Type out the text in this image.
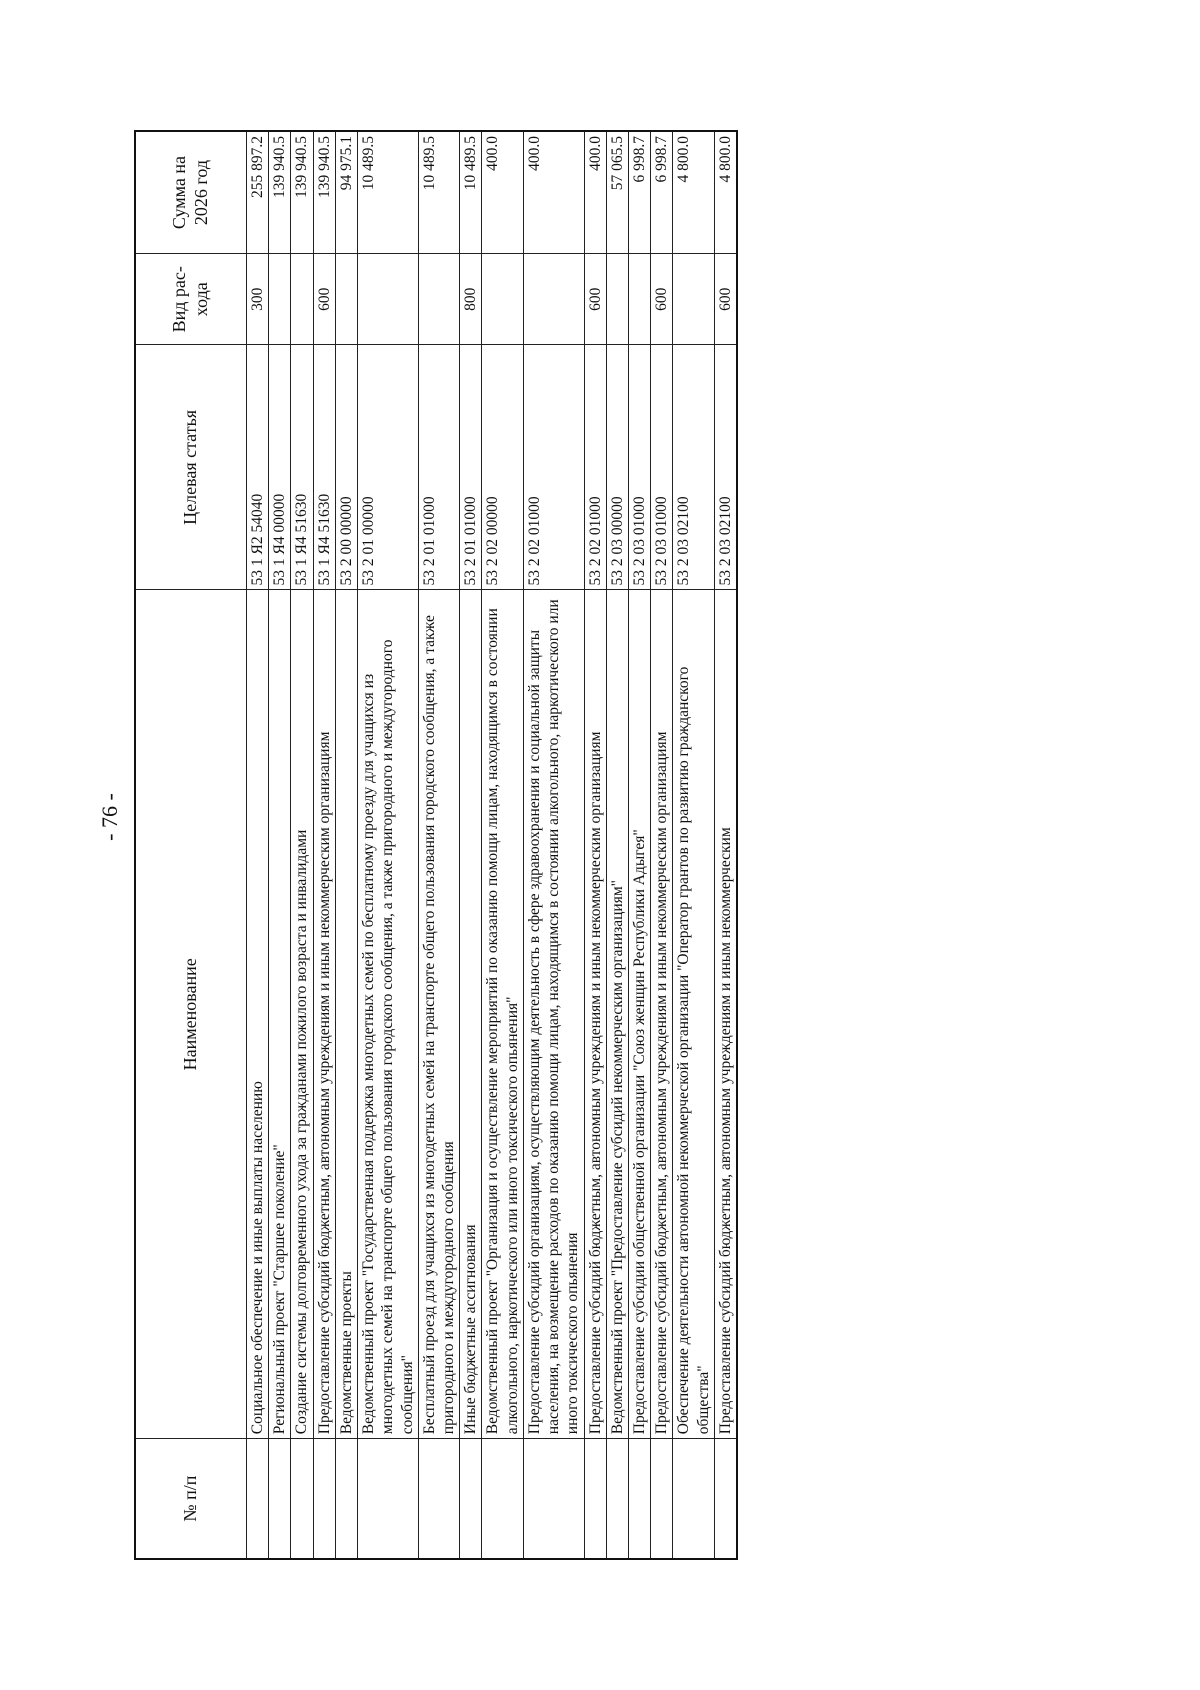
- 76 -

№ п/п	Наименование	Целевая статья	Вид рас-хода	Сумма на 2026 год
	Социальное обеспечение и иные выплаты населению	53 1 Я2 54040	300	255 897.2
	Региональный проект "Старшее поколение"	53 1 Я4 00000		139 940.5
	Создание системы долговременного ухода за гражданами пожилого возраста и инвалидами	53 1 Я4 51630		139 940.5
	Предоставление субсидий бюджетным, автономным учреждениям и иным некоммерческим организациям	53 1 Я4 51630	600	139 940.5
	Ведомственные проекты	53 2 00 00000		94 975.1
	Ведомственный проект "Государственная поддержка многодетных семей по бесплатному проезду для учащихся из многодетных семей на транспорте общего пользования городского сообщения, а также пригородного и междугородного сообщения"	53 2 01 00000		10 489.5
	Бесплатный проезд для учащихся из многодетных семей на транспорте общего пользования городского сообщения, а также пригородного и междугородного сообщения	53 2 01 01000		10 489.5
	Иные бюджетные ассигнования	53 2 01 01000	800	10 489.5
	Ведомственный проект "Организация и осуществление мероприятий по оказанию помощи лицам, находящимся в состоянии алкогольного, наркотического или иного токсического опьянения"	53 2 02 00000		400.0
	Предоставление субсидий организациям, осуществляющим деятельность в сфере здравоохранения и социальной защиты населения, на возмещение расходов по оказанию помощи лицам, находящимся в состоянии алкогольного, наркотического или иного токсического опьянения	53 2 02 01000		400.0
	Предоставление субсидий бюджетным, автономным учреждениям и иным некоммерческим организациям	53 2 02 01000	600	400.0
	Ведомственный проект "Предоставление субсидий некоммерческим организациям"	53 2 03 00000		57 065.5
	Предоставление субсидии общественной организации "Союз женщин Республики Адыгея"	53 2 03 01000		6 998.7
	Предоставление субсидий бюджетным, автономным учреждениям и иным некоммерческим организациям	53 2 03 01000	600	6 998.7
	Обеспечение деятельности автономной некоммерческой организации "Оператор грантов по развитию гражданского общества"	53 2 03 02100		4 800.0
	Предоставление субсидий бюджетным, автономным учреждениям и иным некоммерческим	53 2 03 02100	600	4 800.0
